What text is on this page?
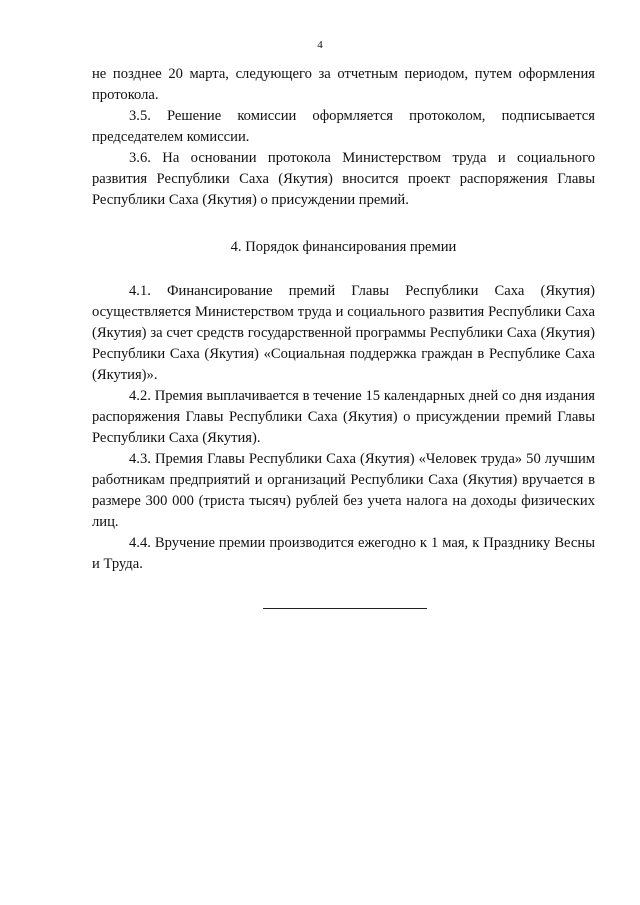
4

не позднее 20 марта, следующего за отчетным периодом, путем оформления протокола.

3.5. Решение комиссии оформляется протоколом, подписывается председателем комиссии.

3.6. На основании протокола Министерством труда и социального развития Республики Саха (Якутия) вносится проект распоряжения Главы Республики Саха (Якутия) о присуждении премий.

4. Порядок финансирования премии

4.1. Финансирование премий Главы Республики Саха (Якутия) осуществляется Министерством труда и социального развития Республики Саха (Якутия) за счет средств государственной программы Республики Саха (Якутия) Республики Саха (Якутия) «Социальная поддержка граждан в Республике Саха (Якутия)».

4.2. Премия выплачивается в течение 15 календарных дней со дня издания распоряжения Главы Республики Саха (Якутия) о присуждении премий Главы Республики Саха (Якутия).

4.3. Премия Главы Республики Саха (Якутия) «Человек труда» 50 лучшим работникам предприятий и организаций Республики Саха (Якутия) вручается в размере 300 000 (триста тысяч) рублей без учета налога на доходы физических лиц.

4.4. Вручение премии производится ежегодно к 1 мая, к Празднику Весны и Труда.
